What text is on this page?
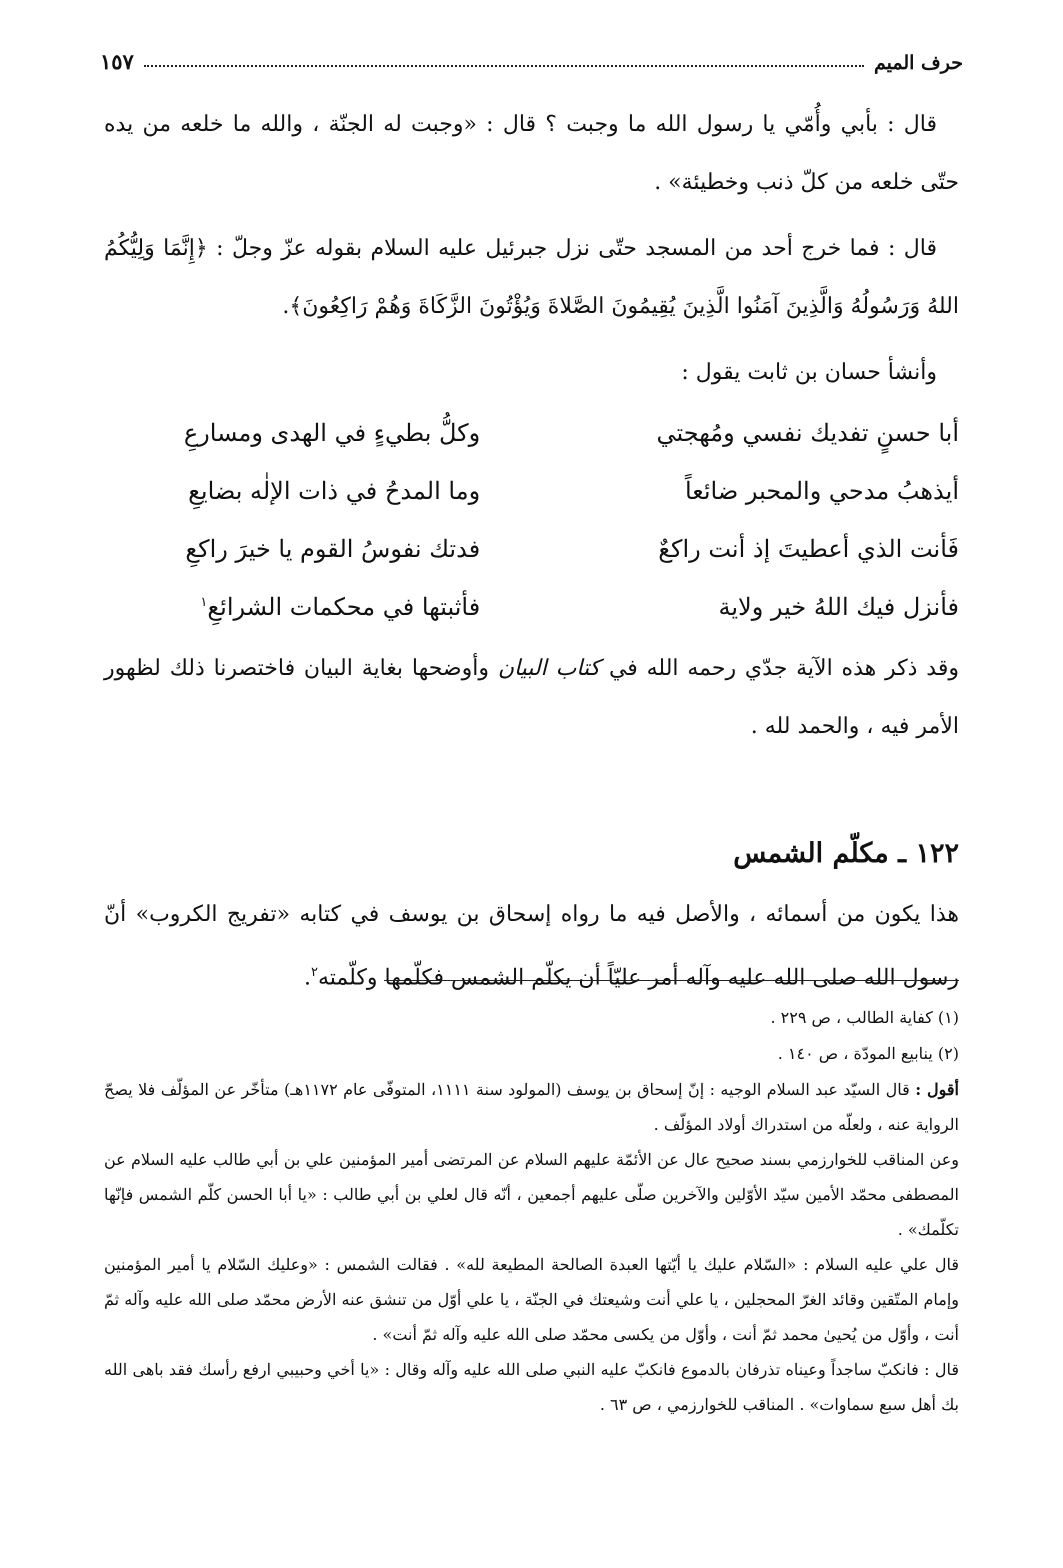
حرف الميم
١٥٧

قال : بأبي وأُمّي يا رسول الله ما وجبت ؟ قال : «وجبت له الجنّة ، والله ما خلعه من يده حتّى خلعه من كلّ ذنب وخطيئة» .

قال : فما خرج أحد من المسجد حتّى نزل جبرئيل عليه السلام بقوله عزّ وجلّ : ﴿إِنَّمَا وَلِيُّكُمُ اللهُ وَرَسُولُهُ وَالَّذِينَ آمَنُوا الَّذِينَ يُقِيمُونَ الصَّلاةَ وَيُؤْتُونَ الزَّكَاةَ وَهُمْ رَاكِعُونَ﴾.

وأنشأ حسان بن ثابت يقول :

أبا حسنٍ تفديك نفسي ومُهجتي
وكلُّ بطيءٍ في الهدى ومسارعِ
أيذهبُ مدحي والمحبر ضائعاً
وما المدحُ في ذات الإلٰه بضايعِ
فَأنت الذي أعطيتَ إذ أنت راكعٌ
فدتك نفوسُ القوم يا خيرَ راكعِ
فأنزل فيك اللهُ خير ولاية
فأثبتها في محكمات الشرائعِ$^١$

وقد ذكر هذه الآية جدّي رحمه الله في كتاب البيان وأوضحها بغاية البيان فاختصرنا ذلك لظهور الأمر فيه ، والحمد لله .

١٢٢ ـ مكلّم الشمس

هذا يكون من أسمائه ، والأصل فيه ما رواه إسحاق بن يوسف في كتابه «تفريج الكروب» أنّ رسول الله صلى الله عليه وآله أمر عليّاً أن يكلّم الشمس فكلّمها وكلّمته$^٢$.

(١) كفاية الطالب ، ص ٢٢٩ .

(٢) ينابيع المودّة ، ص ١٤٠ .

أقول : قال السيّد عبد السلام الوجيه : إنّ إسحاق بن يوسف (المولود سنة ١١١١، المتوفّى عام ١١٧٢هـ) متأخّر عن المؤلّف فلا يصحّ الرواية عنه ، ولعلّه من استدراك أولاد المؤلّف .

وعن المناقب للخوارزمي بسند صحيح عال عن الأئمّة عليهم السلام عن المرتضى أمير المؤمنين علي بن أبي طالب عليه السلام عن المصطفى محمّد الأمين سيّد الأوّلين والآخرين صلّى عليهم أجمعين ، أنّه قال لعلي بن أبي طالب : «يا أبا الحسن كلّم الشمس فإنّها تكلّمك» .

قال علي عليه السلام : «السّلام عليك يا أيّتها العبدة الصالحة المطيعة لله» . فقالت الشمس : «وعليك السّلام يا أمير المؤمنين وإمام المتّقين وقائد الغرّ المحجلين ، يا علي أنت وشيعتك في الجنّة ، يا علي أوّل من تنشق عنه الأرض محمّد صلى الله عليه وآله ثمّ أنت ، وأوّل من يُحيىٰ محمد ثمّ أنت ، وأوّل من يكسى محمّد صلى الله عليه وآله ثمّ أنت» .

قال : فانكبّ ساجداً وعيناه تذرفان بالدموع فانكبّ عليه النبي صلى الله عليه وآله وقال : «يا أخي وحبيبي ارفع رأسك فقد باهى الله بك أهل سبع سماوات» . المناقب للخوارزمي ، ص ٦٣ .
